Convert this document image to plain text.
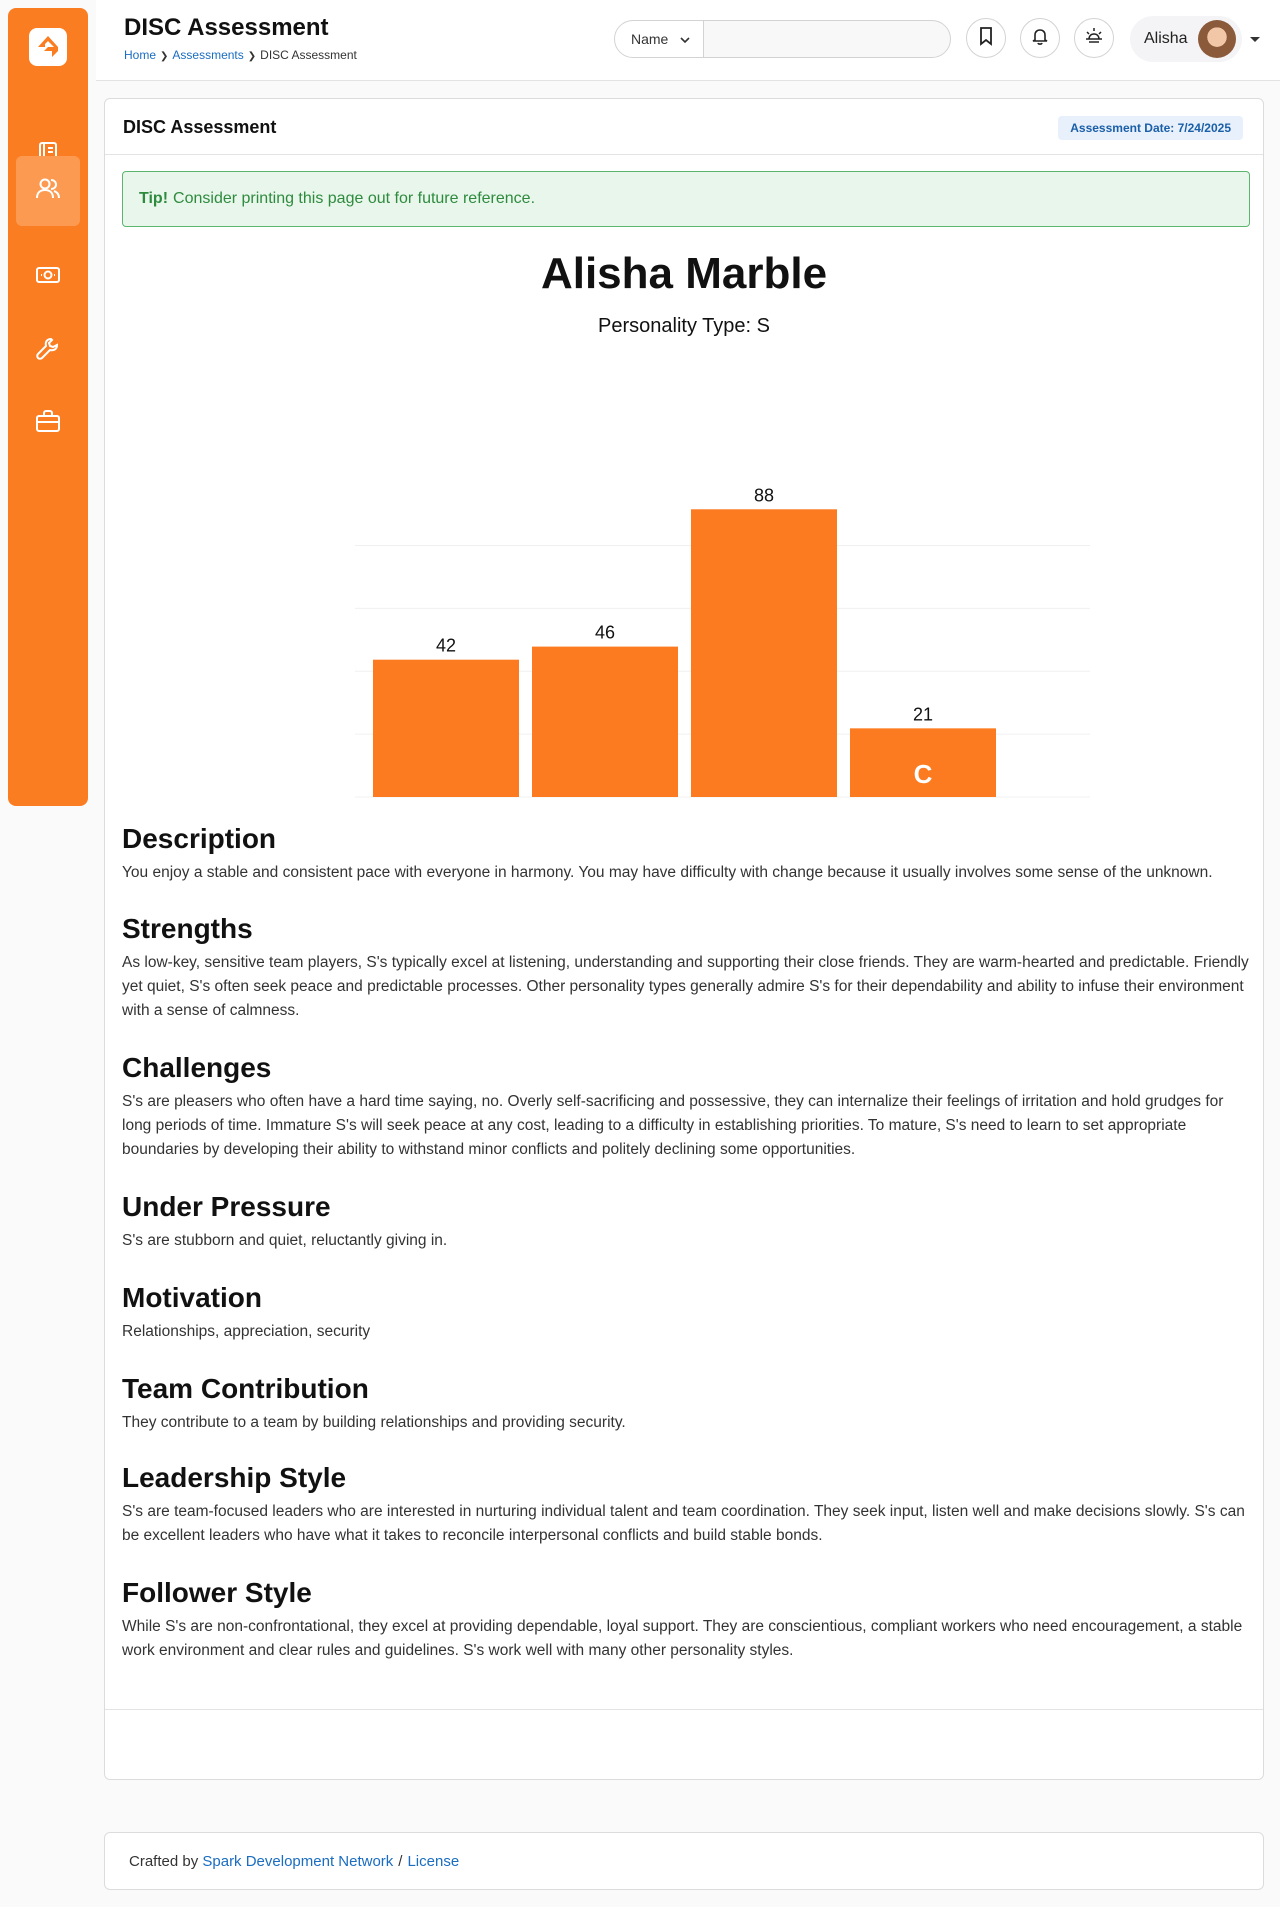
DISC Assessment
Home ❯ Assessments ❯ DISC Assessment
Name	Alisha
DISC Assessment	Assessment Date: 7/24/2025
Tip! Consider printing this page out for future reference.
Alisha Marble
Personality Type: S
42
46
88
21
C
Description

You enjoy a stable and consistent pace with everyone in harmony. You may have difficulty with change because it usually involves some sense of the unknown.

Strengths

As low-key, sensitive team players, S's typically excel at listening, understanding and supporting their close friends. They are warm-hearted and predictable. Friendly yet quiet, S's often seek peace and predictable processes. Other personality types generally admire S's for their dependability and ability to infuse their environment with a sense of calmness.

Challenges

S's are pleasers who often have a hard time saying, no. Overly self-sacrificing and possessive, they can internalize their feelings of irritation and hold grudges for long periods of time. Immature S's will seek peace at any cost, leading to a difficulty in establishing priorities. To mature, S's need to learn to set appropriate boundaries by developing their ability to withstand minor conflicts and politely declining some opportunities.

Under Pressure

S's are stubborn and quiet, reluctantly giving in.

Motivation

Relationships, appreciation, security

Team Contribution

They contribute to a team by building relationships and providing security.

Leadership Style

S's are team-focused leaders who are interested in nurturing individual talent and team coordination. They seek input, listen well and make decisions slowly. S's can be excellent leaders who have what it takes to reconcile interpersonal conflicts and build stable bonds.

Follower Style

While S's are non-confrontational, they excel at providing dependable, loyal support. They are conscientious, compliant workers who need encouragement, a stable work environment and clear rules and guidelines. S's work well with many other personality styles.

Crafted by
Spark Development Network / License
